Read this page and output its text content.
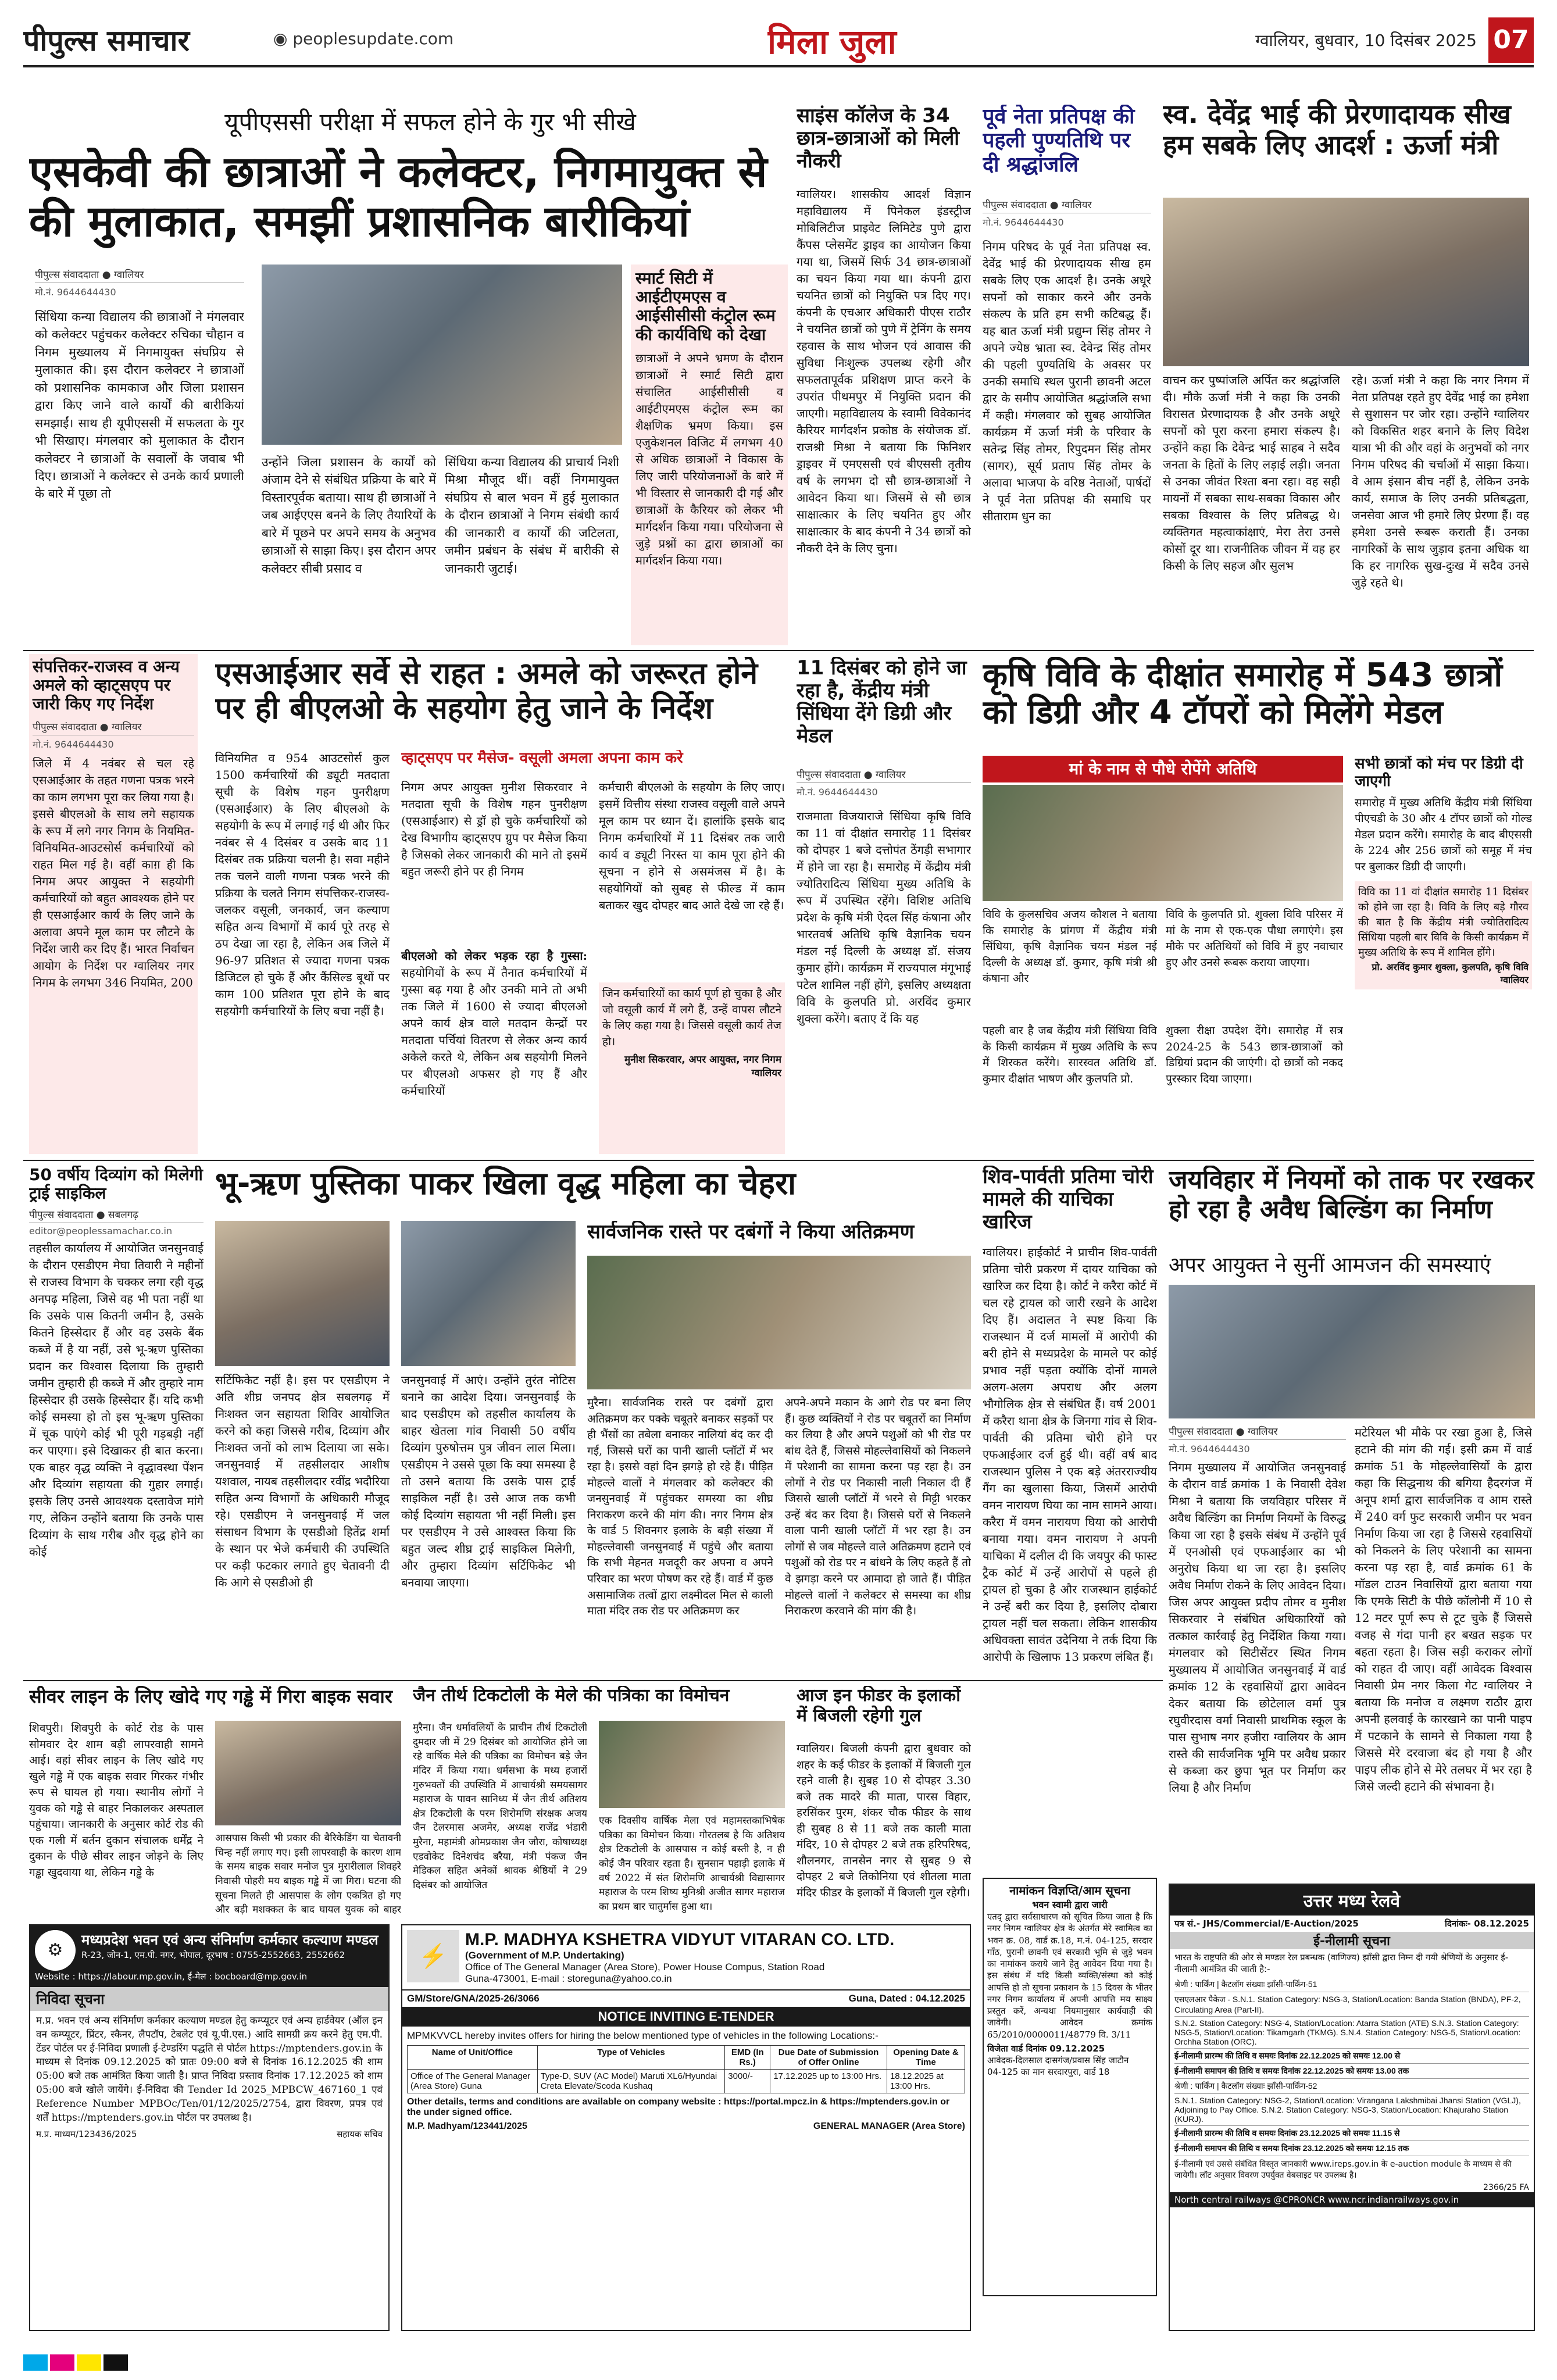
पीपुल्स समाचार	◉ peoplesupdate.com	मिला जुला	ग्वालियर, बुधवार, 10 दिसंबर 2025 07
यूपीएससी परीक्षा में सफल होने के गुर भी सीखे
एसकेवी की छात्राओं ने कलेक्टर, निगमायुक्त से की मुलाकात, समझीं प्रशासनिक बारीकियां
पीपुल्स संवाददाता ● ग्वालियर
मो.नं. 9644644430
सिंधिया कन्या विद्यालय की छात्राओं ने मंगलवार को कलेक्टर पहुंचकर कलेक्टर रुचिका चौहान व निगम मुख्यालय में निगमायुक्त संघप्रिय से मुलाकात की। इस दौरान कलेक्टर ने छात्राओं को प्रशासनिक कामकाज और जिला प्रशासन द्वारा किए जाने वाले कार्यों की बारीकियां समझाईं। साथ ही यूपीएससी में सफलता के गुर भी सिखाए। मंगलवार को मुलाकात के दौरान कलेक्टर ने छात्राओं के सवालों के जवाब भी दिए। छात्राओं ने कलेक्टर से उनके कार्य प्रणाली के बारे में पूछा तो
उन्होंने जिला प्रशासन के कार्यों को अंजाम देने से संबंधित प्रक्रिया के बारे में विस्तारपूर्वक बताया। साथ ही छात्राओं ने जब आईएएस बनने के लिए तैयारियों के बारे में पूछने पर अपने समय के अनुभव छात्राओं से साझा किए। इस दौरान अपर कलेक्टर सीबी प्रसाद व
सिंधिया कन्या विद्यालय की प्राचार्य निशी मिश्रा मौजूद थीं। वहीं निगमायुक्त संघप्रिय से बाल भवन में हुई मुलाकात के दौरान छात्राओं ने निगम संबंधी कार्य की जानकारी व कार्यों की जटिलता, जमीन प्रबंधन के संबंध में बारीकी से जानकारी जुटाई।
स्मार्ट सिटी में आईटीएमएस व आईसीसीसी कंट्रोल रूम की कार्यविधि को देखा
छात्राओं ने अपने भ्रमण के दौरान छात्राओं ने स्मार्ट सिटी द्वारा संचालित आईसीसीसी व आईटीएमएस कंट्रोल रूम का शैक्षणिक भ्रमण किया। इस एजुकेशनल विजिट में लगभग 40 से अधिक छात्राओं ने विकास के लिए जारी परियोजनाओं के बारे में भी विस्तार से जानकारी दी गई और छात्राओं के कैरियर को लेकर भी मार्गदर्शन किया गया। परियोजना से जुड़े प्रश्नों का द्वारा छात्राओं का मार्गदर्शन किया गया।
साइंस कॉलेज के 34 छात्र-छात्राओं को मिली नौकरी
ग्वालियर। शासकीय आदर्श विज्ञान महाविद्यालय में पिनेकल इंडस्ट्रीज मोबिलिटीज प्राइवेट लिमिटेड पुणे द्वारा कैंपस प्लेसमेंट ड्राइव का आयोजन किया गया था, जिसमें सिर्फ 34 छात्र-छात्राओं का चयन किया गया था। कंपनी द्वारा चयनित छात्रों को नियुक्ति पत्र दिए गए। कंपनी के एचआर अधिकारी पीएस राठौर ने चयनित छात्रों को पुणे में ट्रेनिंग के समय रहवास के साथ भोजन एवं आवास की सुविधा निःशुल्क उपलब्ध रहेगी और सफलतापूर्वक प्रशिक्षण प्राप्त करने के उपरांत पीथमपुर में नियुक्ति प्रदान की जाएगी। महाविद्यालय के स्वामी विवेकानंद कैरियर मार्गदर्शन प्रकोष्ठ के संयोजक डॉ. राजश्री मिश्रा ने बताया कि फिनिशर ड्राइवर में एमएससी एवं बीएससी तृतीय वर्ष के लगभग दो सौ छात्र-छात्राओं ने आवेदन किया था। जिसमें से सौ छात्र साक्षात्कार के लिए चयनित हुए और साक्षात्कार के बाद कंपनी ने 34 छात्रों को नौकरी देने के लिए चुना।
पूर्व नेता प्रतिपक्ष की पहली पुण्यतिथि पर दी श्रद्धांजलि
पीपुल्स संवाददाता ● ग्वालियर
मो.नं. 9644644430
निगम परिषद के पूर्व नेता प्रतिपक्ष स्व. देवेंद्र भाई की प्रेरणादायक सीख हम सबके लिए एक आदर्श है। उनके अधूरे सपनों को साकार करने और उनके संकल्प के प्रति हम सभी कटिबद्ध हैं। यह बात ऊर्जा मंत्री प्रद्युम्न सिंह तोमर ने अपने ज्येष्ठ भ्राता स्व. देवेन्द्र सिंह तोमर की पहली पुण्यतिथि के अवसर पर उनकी समाधि स्थल पुरानी छावनी अटल द्वार के समीप आयोजित श्रद्धांजलि सभा में कही। मंगलवार को सुबह आयोजित कार्यक्रम में ऊर्जा मंत्री के परिवार के सतेन्द्र सिंह तोमर, रिपुदमन सिंह तोमर (सागर), सूर्य प्रताप सिंह तोमर के अलावा भाजपा के वरिष्ठ नेताओं, पार्षदों ने पूर्व नेता प्रतिपक्ष की समाधि पर सीताराम धुन का
स्व. देवेंद्र भाई की प्रेरणादायक सीख हम सबके लिए आदर्श : ऊर्जा मंत्री
वाचन कर पुष्पांजलि अर्पित कर श्रद्धांजलि दी। मौके ऊर्जा मंत्री ने कहा कि उनकी विरासत प्रेरणादायक है और उनके अधूरे सपनों को पूरा करना हमारा संकल्प है। उन्होंने कहा कि देवेन्द्र भाई साहब ने सदैव जनता के हितों के लिए लड़ाई लड़ी। जनता से उनका जीवंत रिश्ता बना रहा। वह सही मायनों में सबका साथ-सबका विकास और सबका विश्वास के लिए प्रतिबद्ध थे। व्यक्तिगत महत्वाकांक्षाएं, मेरा तेरा उनसे कोसों दूर था। राजनीतिक जीवन में वह हर किसी के लिए सहज और सुलभ
रहे। ऊर्जा मंत्री ने कहा कि नगर निगम में नेता प्रतिपक्ष रहते हुए देवेंद्र भाई का हमेशा से सुशासन पर जोर रहा। उन्होंने ग्वालियर को विकसित शहर बनाने के लिए विदेश यात्रा भी की और वहां के अनुभवों को नगर निगम परिषद की चर्चाओं में साझा किया। वे आम इंसान बीच नहीं है, लेकिन उनके कार्य, समाज के लिए उनकी प्रतिबद्धता, जनसेवा आज भी हमारे लिए प्रेरणा हैं। वह हमेशा उनसे रूबरू कराती हैं। उनका नागरिकों के साथ जुड़ाव इतना अधिक था कि हर नागरिक सुख-दुःख में सदैव उनसे जुड़े रहते थे।
संपत्तिकर-राजस्व व अन्य अमले को व्हाट्सएप पर जारी किए गए निर्देश
पीपुल्स संवाददाता ● ग्वालियर
मो.नं. 9644644430
जिले में 4 नवंबर से चल रहे एसआईआर के तहत गणना पत्रक भरने का काम लगभग पूरा कर लिया गया है। इससे बीएलओ के साथ लगे सहायक के रूप में लगे नगर निगम के नियमित-विनियमित-आउटसोर्स कर्मचारियों को राहत मिल गई है। वहीं काग़ ही कि निगम अपर आयुक्त ने सहयोगी कर्मचारियों को बहुत आवश्यक होने पर ही एसआईआर कार्य के लिए जाने के अलावा अपने मूल काम पर लौटने के निर्देश जारी कर दिए हैं। भारत निर्वाचन आयोग के निर्देश पर ग्वालियर नगर निगम के लगभग 346 नियमित, 200
एसआईआर सर्वे से राहत : अमले को जरूरत होने पर ही बीएलओ के सहयोग हेतु जाने के निर्देश
विनियमित व 954 आउटसोर्स कुल 1500 कर्मचारियों की ड्यूटी मतदाता सूची के विशेष गहन पुनरीक्षण (एसआईआर) के लिए बीएलओ के सहयोगी के रूप में लगाई गई थी और फिर नवंबर से 4 दिसंबर व उसके बाद 11 दिसंबर तक प्रक्रिया चलनी है। सवा महीने तक चलने वाली गणना पत्रक भरने की प्रक्रिया के चलते निगम संपत्तिकर-राजस्व-जलकर वसूली, जनकार्य, जन कल्याण सहित अन्य विभागों में कार्य पूरे तरह से ठप देखा जा रहा है, लेकिन अब जिले में 96-97 प्रतिशत से ज्यादा गणना पत्रक डिजिटल हो चुके हैं और कैंसिल्ड बूथों पर काम 100 प्रतिशत पूरा होने के बाद सहयोगी कर्मचारियों के लिए बचा नहीं है।
व्हाट्सएप पर मैसेज- वसूली अमला अपना काम करे
निगम अपर आयुक्त मुनीश सिकरवार ने मतदाता सूची के विशेष गहन पुनरीक्षण (एसआईआर) से ड्रॉ हो चुके कर्मचारियों को देख विभागीय व्हाट्सएप ग्रुप पर मैसेज किया है जिसको लेकर जानकारी की माने तो इसमें बहुत जरूरी होने पर ही निगम
बीएलओ को लेकर भड़क रहा है गुस्सा: सहयोगियों के रूप में तैनात कर्मचारियों में गुस्सा बढ़ गया है और उनकी माने तो अभी तक जिले में 1600 से ज्यादा बीएलओ अपने कार्य क्षेत्र वाले मतदान केन्द्रों पर मतदाता पर्चियां वितरण से लेकर अन्य कार्य अकेले करते थे, लेकिन अब सहयोगी मिलने पर बीएलओ अफसर हो गए हैं और कर्मचारियों
कर्मचारी बीएलओ के सहयोग के लिए जाए। इसमें वित्तीय संस्था राजस्व वसूली वाले अपने मूल काम पर ध्यान दें। हालांकि इसके बाद निगम कर्मचारियों में 11 दिसंबर तक जारी कार्य व ड्यूटी निरस्त या काम पूरा होने की सूचना न होने से असमंजस में है। के सहयोगियों को सुबह से फील्ड में काम बताकर खुद दोपहर बाद आते देखे जा रहे हैं।
जिन कर्मचारियों का कार्य पूर्ण हो चुका है और जो वसूली कार्य में लगे हैं, उन्हें वापस लौटने के लिए कहा गया है। जिससे वसूली कार्य तेज हो।
मुनीश सिकरवार, अपर आयुक्त, नगर निगम ग्वालियर
11 दिसंबर को होने जा रहा है, केंद्रीय मंत्री सिंधिया देंगे डिग्री और मेडल
पीपुल्स संवाददाता ● ग्वालियर
मो.नं. 9644644430
राजमाता विजयाराजे सिंधिया कृषि विवि का 11 वां दीक्षांत समारोह 11 दिसंबर को दोपहर 1 बजे दत्तोपंत ठेंगड़ी सभागार में होने जा रहा है। समारोह में केंद्रीय मंत्री ज्योतिरादित्य सिंधिया मुख्य अतिथि के रूप में उपस्थित रहेंगे। विशिष्ट अतिथि प्रदेश के कृषि मंत्री ऐदल सिंह कंषाना और भारतवर्ष अतिथि कृषि वैज्ञानिक चयन मंडल नई दिल्ली के अध्यक्ष डॉ. संजय कुमार होंगे। कार्यक्रम में राज्यपाल मंगूभाई पटेल शामिल नहीं होंगे, इसलिए अध्यक्षता विवि के कुलपति प्रो. अरविंद कुमार शुक्ला करेंगे। बताए दें कि यह
कृषि विवि के दीक्षांत समारोह में 543 छात्रों को डिग्री और 4 टॉपरों को मिलेंगे मेडल
मां के नाम से पौधे रोपेंगे अतिथि
विवि के कुलसचिव अजय कौशल ने बताया कि समारोह के प्रांगण में केंद्रीय मंत्री सिंधिया, कृषि वैज्ञानिक चयन मंडल नई दिल्ली के अध्यक्ष डॉ. कुमार, कृषि मंत्री श्री कंषाना और
विवि के कुलपति प्रो. शुक्ला विवि परिसर में मां के नाम से एक-एक पौधा लगाएंगे। इस मौके पर अतिथियों को विवि में हुए नवाचार हुए और उनसे रूबरू कराया जाएगा।
पहली बार है जब केंद्रीय मंत्री सिंधिया विवि के किसी कार्यक्रम में मुख्य अतिथि के रूप में शिरकत करेंगे। सारस्वत अतिथि डॉ. कुमार दीक्षांत भाषण और कुलपति प्रो.
शुक्ला रीक्षा उपदेश देंगे। समारोह में सत्र 2024-25 के 543 छात्र-छात्राओं को डिग्रियां प्रदान की जाएंगी। दो छात्रों को नकद पुरस्कार दिया जाएगा।
सभी छात्रों को मंच पर डिग्री दी जाएगी
समारोह में मुख्य अतिथि केंद्रीय मंत्री सिंधिया पीएचडी के 30 और 4 टॉपर छात्रों को गोल्ड मेडल प्रदान करेंगे। समारोह के बाद बीएससी के 224 और 256 छात्रों को समूह में मंच पर बुलाकर डिग्री दी जाएगी।
विवि का 11 वां दीक्षांत समारोह 11 दिसंबर को होने जा रहा है। विवि के लिए बड़े गौरव की बात है कि केंद्रीय मंत्री ज्योतिरादित्य सिंधिया पहली बार विवि के किसी कार्यक्रम में मुख्य अतिथि के रूप में शामिल होंगे।
प्रो. अरविंद कुमार शुक्ला, कुलपति, कृषि विवि ग्वालियर
50 वर्षीय दिव्यांग को मिलेगी ट्राई साइकिल
पीपुल्स संवाददाता ● सबलगढ़
editor@peoplessamachar.co.in
तहसील कार्यालय में आयोजित जनसुनवाई के दौरान एसडीएम मेघा तिवारी ने महीनों से राजस्व विभाग के चक्कर लगा रही वृद्ध अनपढ़ महिला, जिसे वह भी पता नहीं था कि उसके पास कितनी जमीन है, उसके कितने हिस्सेदार हैं और वह उसके बैंक कब्जे में है या नहीं, उसे भू-ऋण पुस्तिका प्रदान कर विश्वास दिलाया कि तुम्हारी जमीन तुम्हारी ही कब्जे में और तुम्हारे नाम हिस्सेदार ही उसके हिस्सेदार हैं। यदि कभी कोई समस्या हो तो इस भू-ऋण पुस्तिका में चूक पाएंगे कोई भी पूरी गड़बड़ी नहीं कर पाएगा। इसे दिखाकर ही बात करना। एक बाहर वृद्ध व्यक्ति ने वृद्धावस्था पेंशन और दिव्यांग सहायता की गुहार लगाई। इसके लिए उनसे आवश्यक दस्तावेज मांगे गए, लेकिन उन्होंने बताया कि उनके पास दिव्यांग के साथ गरीब और वृद्ध होने का कोई
भू-ऋण पुस्तिका पाकर खिला वृद्ध महिला का चेहरा
सर्टिफिकेट नहीं है। इस पर एसडीएम ने अति शीघ्र जनपद क्षेत्र सबलगढ़ में निःशक्त जन सहायता शिविर आयोजित करने को कहा जिससे गरीब, दिव्यांग और निःशक्त जनों को लाभ दिलाया जा सके। जनसुनवाई में तहसीलदार आशीष यशवाल, नायब तहसीलदार रवींद्र भदौरिया सहित अन्य विभागों के अधिकारी मौजूद रहे। एसडीएम ने जनसुनवाई में जल संसाधन विभाग के एसडीओ हितेंद्र शर्मा के स्थान पर भेजे कर्मचारी की उपस्थिति पर कड़ी फटकार लगाते हुए चेतावनी दी कि आगे से एसडीओ ही
जनसुनवाई में आएं। उन्होंने तुरंत नोटिस बनाने का आदेश दिया। जनसुनवाई के बाद एसडीएम को तहसील कार्यालय के बाहर खेतला गांव निवासी 50 वर्षीय दिव्यांग पुरुषोत्तम पुत्र जीवन लाल मिला। एसडीएम ने उससे पूछा कि क्या समस्या है तो उसने बताया कि उसके पास ट्राई साइकिल नहीं है। उसे आज तक कभी कोई दिव्यांग सहायता भी नहीं मिली। इस पर एसडीएम ने उसे आश्वस्त किया कि बहुत जल्द शीघ्र ट्राई साइकिल मिलेगी, और तुम्हारा दिव्यांग सर्टिफिकेट भी बनवाया जाएगा।
सार्वजनिक रास्ते पर दबंगों ने किया अतिक्रमण
मुरैना। सार्वजनिक रास्ते पर दबंगों द्वारा अतिक्रमण कर पक्के चबूतरे बनाकर सड़कों पर ही भैंसों का तबेला बनाकर नालियां बंद कर दी गई, जिससे घरों का पानी खाली प्लॉटों में भर रहा है। इससे वहां दिन झगड़े हो रहे हैं। पीड़ित मोहल्ले वालों ने मंगलवार को कलेक्टर की जनसुनवाई में पहुंचकर समस्या का शीघ्र निराकरण करने की मांग की। नगर निगम क्षेत्र के वार्ड 5 शिवनगर इलाके के बड़ी संख्या में मोहल्लेवासी जनसुनवाई में पहुंचे और बताया कि सभी मेहनत मजदूरी कर अपना व अपने परिवार का भरण पोषण कर रहे हैं। वार्ड में कुछ असामाजिक तत्वों द्वारा लक्ष्मीदल मिल से काली माता मंदिर तक रोड पर अतिक्रमण कर
अपने-अपने मकान के आगे रोड पर बना लिए हैं। कुछ व्यक्तियों ने रोड पर चबूतरों का निर्माण कर लिया है और अपने पशुओं को भी रोड पर बांध देते हैं, जिससे मोहल्लेवासियों को निकलने में परेशानी का सामना करना पड़ रहा है। उन लोगों ने रोड पर निकासी नाली निकाल दी हैं जिससे खाली प्लॉटों में भरने से मिट्टी भरकर उन्हें बंद कर दिया है। जिससे घरों से निकलने वाला पानी खाली प्लॉटों में भर रहा है। उन लोगों से जब मोहल्ले वाले अतिक्रमण हटाने एवं पशुओं को रोड पर न बांधने के लिए कहते हैं तो वे झगड़ा करने पर आमादा हो जाते हैं। पीड़ित मोहल्ले वालों ने कलेक्टर से समस्या का शीघ्र निराकरण करवाने की मांग की है।
शिव-पार्वती प्रतिमा चोरी मामले की याचिका खारिज
ग्वालियर। हाईकोर्ट ने प्राचीन शिव-पार्वती प्रतिमा चोरी प्रकरण में दायर याचिका को खारिज कर दिया है। कोर्ट ने करैरा कोर्ट में चल रहे ट्रायल को जारी रखने के आदेश दिए हैं। अदालत ने स्पष्ट किया कि राजस्थान में दर्ज मामलों में आरोपी की बरी होने से मध्यप्रदेश के मामले पर कोई प्रभाव नहीं पड़ता क्योंकि दोनों मामले अलग-अलग अपराध और अलग भौगोलिक क्षेत्र से संबंधित हैं। वर्ष 2001 में करैरा थाना क्षेत्र के जिनगा गांव से शिव-पार्वती की प्रतिमा चोरी होने पर एफआईआर दर्ज हुई थी। वहीं वर्ष बाद राजस्थान पुलिस ने एक बड़े अंतरराज्यीय गैंग का खुलासा किया, जिसमें आरोपी वमन नारायण घिया का नाम सामने आया। करैरा में वमन नारायण घिया को आरोपी बनाया गया। वमन नारायण ने अपनी याचिका में दलील दी कि जयपुर की फास्ट ट्रैक कोर्ट में उन्हें आरोपों से पहले ही ट्रायल हो चुका है और राजस्थान हाईकोर्ट ने उन्हें बरी कर दिया है, इसलिए दोबारा ट्रायल नहीं चल सकता। लेकिन शासकीय अधिवक्ता सावंत उदेनिया ने तर्क दिया कि आरोपी के खिलाफ 13 प्रकरण लंबित हैं।
जयविहार में नियमों को ताक पर रखकर हो रहा है अवैध बिल्डिंग का निर्माण
अपर आयुक्त ने सुनीं आमजन की समस्याएं
पीपुल्स संवाददाता ● ग्वालियर
मो.नं. 9644644430
निगम मुख्यालय में आयोजित जनसुनवाई के दौरान वार्ड क्रमांक 1 के निवासी देवेश मिश्रा ने बताया कि जयविहार परिसर में अवैध बिल्डिंग का निर्माण नियमों के विरुद्ध किया जा रहा है इसके संबंध में उन्होंने पूर्व में एनओसी एवं एफआईआर का भी अनुरोध किया था जा रहा है। इसलिए अवैध निर्माण रोकने के लिए आवेदन दिया। जिस अपर आयुक्त प्रदीप तोमर व मुनीश सिकरवार ने संबंधित अधिकारियों को तत्काल कार्रवाई हेतु निर्देशित किया गया। मंगलवार को सिटीसेंटर स्थित निगम मुख्यालय में आयोजित जनसुनवाई में वार्ड क्रमांक 12 के रहवासियों द्वारा आवेदन देकर बताया कि छोटेलाल वर्मा पुत्र रघुवीरदास वर्मा निवासी प्राथमिक स्कूल के पास सुभाष नगर हजीरा ग्वालियर के आम रास्ते की सार्वजनिक भूमि पर अवैध प्रकार से कब्जा कर छुपा भूत पर निर्माण कर लिया है और निर्माण
मटेरियल भी मौके पर रखा हुआ है, जिसे हटाने की मांग की गई। इसी क्रम में वार्ड क्रमांक 51 के मोहल्लेवासियों के द्वारा कहा कि सिद्धनाथ की बगिया हैदरगंज में अनूप शर्मा द्वारा सार्वजनिक व आम रास्ते में 240 वर्ग फुट सरकारी जमीन पर भवन निर्माण किया जा रहा है जिससे रहवासियों को निकलने के लिए परेशानी का सामना करना पड़ रहा है, वार्ड क्रमांक 61 के मॉडल टाउन निवासियों द्वारा बताया गया कि एमके सिटी के पीछे कॉलोनी में 10 से 12 मटर पूर्ण रूप से टूट चुके हैं जिससे वजह से गंदा पानी हर बखत सड़क पर बहता रहता है। जिस सड़ी कराकर लोगों को राहत दी जाए। वहीं आवेदक विश्वास निवासी प्रेम नगर किला गेट ग्वालियर ने बताया कि मनोज व लक्ष्मण राठौर द्वारा अपनी हलवाई के कारखाने का पानी पाइप में पटकाने के सामने से निकाला गया है जिससे मेरे दरवाजा बंद हो गया है और पाइप लीक होने से मेरे तलघर में भर रहा है जिसे जल्दी हटाने की संभावना है।
सीवर लाइन के लिए खोदे गए गड्ढे में गिरा बाइक सवार
शिवपुरी। शिवपुरी के कोर्ट रोड के पास सोमवार देर शाम बड़ी लापरवाही सामने आई। वहां सीवर लाइन के लिए खोदे गए खुले गड्ढे में एक बाइक सवार गिरकर गंभीर रूप से घायल हो गया। स्थानीय लोगों ने युवक को गड्ढे से बाहर निकालकर अस्पताल पहुंचाया। जानकारी के अनुसार कोर्ट रोड की एक गली में बर्तन दुकान संचालक धर्मेंद्र ने दुकान के पीछे सीवर लाइन जोड़ने के लिए गड्ढा खुदवाया था, लेकिन गड्ढे के
आसपास किसी भी प्रकार की बैरिकेडिंग या चेतावनी चिन्ह नहीं लगाए गए। इसी लापरवाही के कारण शाम के समय बाइक सवार मनोज पुत्र मुरारीलाल शिवहरे निवासी पोहरी मय बाइक गड्ढे में जा गिरा। घटना की सूचना मिलते ही आसपास के लोग एकत्रित हो गए और बड़ी मशक्कत के बाद घायल युवक को बाहर
जैन तीर्थ टिकटोली के मेले की पत्रिका का विमोचन
मुरैना। जैन धर्मावलियों के प्राचीन तीर्थ टिकटोली दुमदार जी में 29 दिसंबर को आयोजित होने जा रहे वार्षिक मेले की पत्रिका का विमोचन बड़े जैन मंदिर में किया गया। धर्मसभा के मध्य हजारों गुरुभक्तों की उपस्थिति में आचार्यश्री समयसागर महाराज के पावन सानिध्य में जैन तीर्थ अतिशय क्षेत्र टिकटोली के परम शिरोमणि संरक्षक अजय जैन टेलरमास अजमेर, अध्यक्ष राजेंद्र भंडारी मुरैना, महामंत्री ओमप्रकाश जैन जौरा, कोषाध्यक्ष एडवोकेट दिनेशचंद बरैया, मंत्री पंकज जैन मेडिकल सहित अनेकों श्रावक श्रेष्ठियों ने 29 दिसंबर को आयोजित
एक दिवसीय वार्षिक मेला एवं महामस्तकाभिषेक पत्रिका का विमोचन किया। गौरतलब है कि अतिशय क्षेत्र टिकटोली के आसपास न कोई बस्ती है, न ही कोई जैन परिवार रहता है। सुनसान पहाड़ी इलाके में वर्ष 2022 में संत शिरोमणि आचार्यश्री विद्यासागर महाराज के परम शिष्य मुनिश्री अजीत सागर महाराज का प्रथम बार चातुर्मास हुआ था।
आज इन फीडर के इलाकों में बिजली रहेगी गुल
ग्वालियर। बिजली कंपनी द्वारा बुधवार को शहर के कई फीडर के इलाकों में बिजली गुल रहने वाली है। सुबह 10 से दोपहर 3.30 बजे तक मादरे की माता, पारस विहार, हरसिंकर पुरम, शंकर चौक फीडर के साथ ही सुबह 8 से 11 बजे तक काली माता मंदिर, 10 से दोपहर 2 बजे तक हरिपरिषद, शौलनगर, तानसेन नगर से सुबह 9 से दोपहर 2 बजे तिकोनिया एवं शीतला माता मंदिर फीडर के इलाकों में बिजली गुल रहेगी।	नामांकन विज्ञप्ति/आम सूचना
भवन स्वामी द्वारा जारी
एतद् द्वारा सर्वसाधारण को सूचित किया जाता है कि नगर निगम ग्वालियर क्षेत्र के अंतर्गत मेरे स्वामित्व का भवन क्र. 08, वार्ड क्र.18, म.नं. 04-125, सरदार गाँठ, पुरानी छावनी एवं सरकारी भूमि से जुड़े भवन का नामांकन कराये जाने हेतु आवेदन दिया गया है। इस संबंध में यदि किसी व्यक्ति/संस्था को कोई आपत्ति हो तो सूचना प्रकाशन के 15 दिवस के भीतर नगर निगम कार्यालय में अपनी आपत्ति मय साक्ष्य प्रस्तुत करें, अन्यथा नियमानुसार कार्यवाही की जावेगी। आवेदन क्रमांक 65/2010/0000011/48779 वि. 3/11
विजेता वार्ड दिनांक 09.12.2025
आवेदक-दिलसाल दासगंज/प्रवास सिंह जाटौन
04-125 का मान सरदारपुरा, वार्ड 18
⚙	मध्यप्रदेश भवन एवं अन्य संनिर्माण कर्मकार कल्याण मण्डल
R-23, जोन-1, एम.पी. नगर, भोपाल, दूरभाष : 0755-2552663, 2552662
Website : https://labour.mp.gov.in, ई-मेल : bocboard@mp.gov.in
निविदा सूचना
म.प्र. भवन एवं अन्य संनिर्माण कर्मकार कल्याण मण्डल हेतु कम्प्यूटर एवं अन्य हार्डवेयर (ऑल इन वन कम्प्यूटर, प्रिंटर, स्कैनर, लैपटॉप, टेबलेट एवं यू.पी.एस.) आदि सामग्री क्रय करने हेतु एम.पी. टेंडर पोर्टल पर ई-निविदा प्रणाली ई-टेण्डरिंग पद्धति से पोर्टल https://mptenders.gov.in के माध्यम से दिनांक 09.12.2025 को प्रातः 09:00 बजे से दिनांक 16.12.2025 की शाम 05:00 बजे तक आमंत्रित किया जाती है। प्राप्त निविदा प्रस्ताव दिनांक 17.12.2025 को शाम 05:00 बजे खोले जायेंगे। ई-निविदा की Tender Id 2025_MPBCW_467160_1 एवं Reference Number MPBOc/Ten/01/12/2025/2754, द्वारा विवरण, प्रपत्र एवं शर्तें https://mptenders.gov.in पोर्टल पर उपलब्ध है।
म.प्र. माध्यम/123436/2025	सहायक सचिव
⚡
M.P. MADHYA KSHETRA VIDYUT VITARAN CO. LTD.
(Government of M.P. Undertaking)
Office of The General Manager (Area Store), Power House Compus, Station Road
Guna-473001, E-mail : storeguna@yahoo.co.in
GM/Store/GNA/2025-26/3066	Guna, Dated : 04.12.2025
NOTICE INVITING E-TENDER
MPMKVVCL hereby invites offers for hiring the below mentioned type of vehicles in the following Locations:-
Name of Unit/Office	Type of Vehicles	EMD (In Rs.)	Due Date of Submission of Offer Online	Opening Date & Time
Office of The General Manager (Area Store) Guna	Type-D, SUV (AC Model) Maruti XL6/Hyundai Creta Elevate/Scoda Kushaq	3000/-	17.12.2025 up to 13:00 Hrs.	18.12.2025 at 13:00 Hrs.
Other details, terms and conditions are available on company website : https://portal.mpcz.in & https://mptenders.gov.in or the under signed office.
M.P. Madhyam/123441/2025	GENERAL MANAGER (Area Store)
उत्तर मध्य रेलवे
पत्र सं.- JHS/Commercial/E-Auction/2025	दिनांकः- 08.12.2025
ई-नीलामी सूचना
भारत के राष्ट्रपति की ओर से मण्डल रेल प्रबन्धक (वाणिज्य) झाँसी द्वारा निम्न दी गयी श्रेणियों के अनुसार ई-नीलामी आमंत्रित की जाती है:-
श्रेणी : पार्किंग | कैटलॉग संख्याः झाँसी-पार्किंग-51
एसएलआर पैकेज - S.N.1. Station Category: NSG-3, Station/Location: Banda Station (BNDA), PF-2, Circulating Area (Part-II).
S.N.2. Station Category: NSG-4, Station/Location: Atarra Station (ATE) S.N.3. Station Category: NSG-5, Station/Location: Tikamgarh (TKMG). S.N.4. Station Category: NSG-5, Station/Location: Orchha Station (ORC).
ई-नीलामी प्रारम्भ की तिथि व समयः दिनांक 22.12.2025 को समयः 12.00 से
ई-नीलामी समापन की तिथि व समयः दिनांक 22.12.2025 को समयः 13.00 तक
श्रेणी : पार्किंग | कैटलॉग संख्याः झाँसी-पार्किंग-52
S.N.1. Station Category: NSG-2, Station/Location: Virangana Lakshmibai Jhansi Station (VGLJ), Adjoining to Pay Office. S.N.2. Station Category: NSG-3, Station/Location: Khajuraho Station (KURJ).
ई-नीलामी प्रारम्भ की तिथि व समयः दिनांक 23.12.2025 को समयः 11.15 से
ई-नीलामी समापन की तिथि व समयः दिनांक 23.12.2025 को समयः 12.15 तक
ई-नीलामी एवं उससे संबंधित विस्तृत जानकारी www.ireps.gov.in के e-auction module के माध्यम से की जायेगी। लॉट अनुसार विवरण उपर्युक्त वेबसाइट पर उपलब्ध है।
2366/25 FA
North central railways @CPRONCR www.ncr.indianrailways.gov.in
